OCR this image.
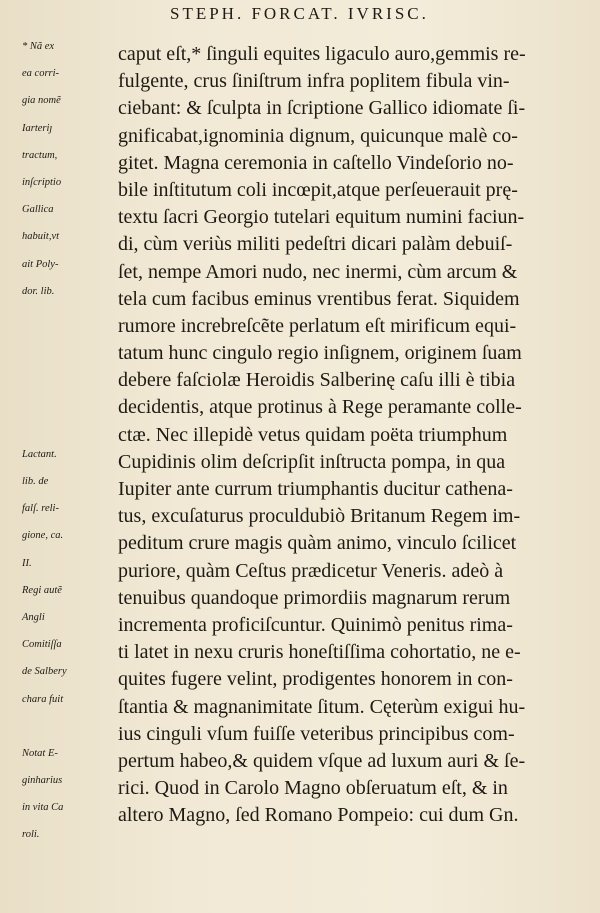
STEPH. FORCAT. IVRISC.
* Nã ex	caput eſt,* ſinguli equites ligaculo auro,gemmis re-
ea corri-	fulgente, crus ſiniſtrum infra poplitem fibula vin-
gia nomẽ	ciebant: & ſculpta in ſcriptione Gallico idiomate ſi-
Iarteriȷ	gnificabat,ignominia dignum, quicunque malè co-
tractum,	gitet. Magna ceremonia in caſtello Vindeſorio no-
inſcriptio	bile inſtitutum coli incœpit,atque perſeuerauit prę-
Gallica	textu ſacri Georgio tutelari equitum numini faciun-
habuit,vt	di, cùm veriùs militi pedeſtri dicari palàm debuiſ-
ait Poly-	ſet, nempe Amori nudo, nec inermi, cùm arcum &
dor. lib.	tela cum facibus eminus vrentibus ferat. Siquidem
rumore increbreſcẽte perlatum eſt mirificum equi-
tatum hunc cingulo regio inſignem, originem ſuam
debere faſciolæ Heroidis Salberinę caſu illi è tibia
decidentis, atque protinus à Rege peramante colle-
ctæ. Nec illepidè vetus quidam poëta triumphum
Lactant.	Cupidinis olim deſcripſit inſtructa pompa, in qua
lib. de	Iupiter ante currum triumphantis ducitur cathena-
falſ. reli-	tus, excuſaturus proculdubiò Britanum Regem im-
gione, ca.	peditum crure magis quàm animo, vinculo ſcilicet
II.	puriore, quàm Ceſtus prædicetur Veneris. adeò à
Regi autẽ	tenuibus quandoque primordiis magnarum rerum
Angli	incrementa proficiſcuntur. Quinimò penitus rima-
Comitiſſa	ti latet in nexu cruris honeſtiſſima cohortatio, ne e-
de Salbery	quites fugere velint, prodigentes honorem in con-
chara fuit	ſtantia & magnanimitate ſitum. Cęterùm exigui hu-
ius cinguli vſum fuiſſe veteribus principibus com-
Notat E-	pertum habeo,& quidem vſque ad luxum auri & ſe-
ginharius	rici. Quod in Carolo Magno obſeruatum eſt, & in
in vita Ca	altero Magno, ſed Romano Pompeio: cui dum Gn.
roli.
